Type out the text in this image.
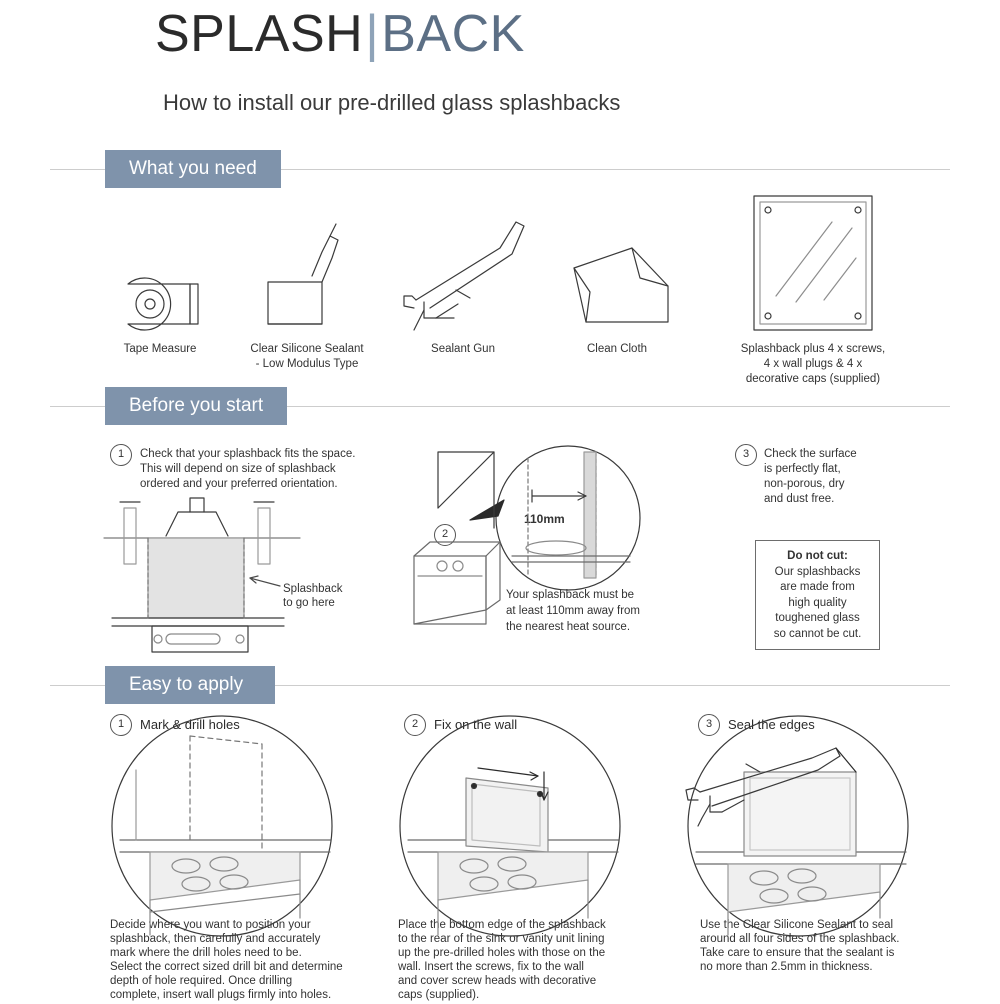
SPLASH|BACK
How to install our pre-drilled glass splashbacks
What you need
Before you start
Easy to apply
Tape Measure	Clear Silicone Sealant
- Low Modulus Type
Sealant Gun	Clean Cloth	Splashback plus 4 x screws,
4 x wall plugs & 4 x
decorative caps (supplied)
1	Check that your splashback fits the space.
This will depend on size of splashback
ordered and your preferred orientation.
Splashback
to go here
2
110mm
Your splashback must be
at least 110mm away from
the nearest heat source.
3	Check the surface
is perfectly flat,
non-porous, dry
and dust free.
Do not cut:
Our splashbacks
are made from
high quality
toughened glass
so cannot be cut.
1	Mark & drill holes	2	Fix on the wall	3	Seal the edges
Decide where you want to position your
splashback, then carefully and accurately
mark where the drill holes need to be.
Select the correct sized drill bit and determine
depth of hole required. Once drilling
complete, insert wall plugs firmly into holes.
Place the bottom edge of the splashback
to the rear of the sink or vanity unit lining
up the pre-drilled holes with those on the
wall. Insert the screws, fix to the wall
and cover screw heads with decorative
caps (supplied).
Use the Clear Silicone Sealant to seal
around all four sides of the splashback.
Take care to ensure that the sealant is
no more than 2.5mm in thickness.
